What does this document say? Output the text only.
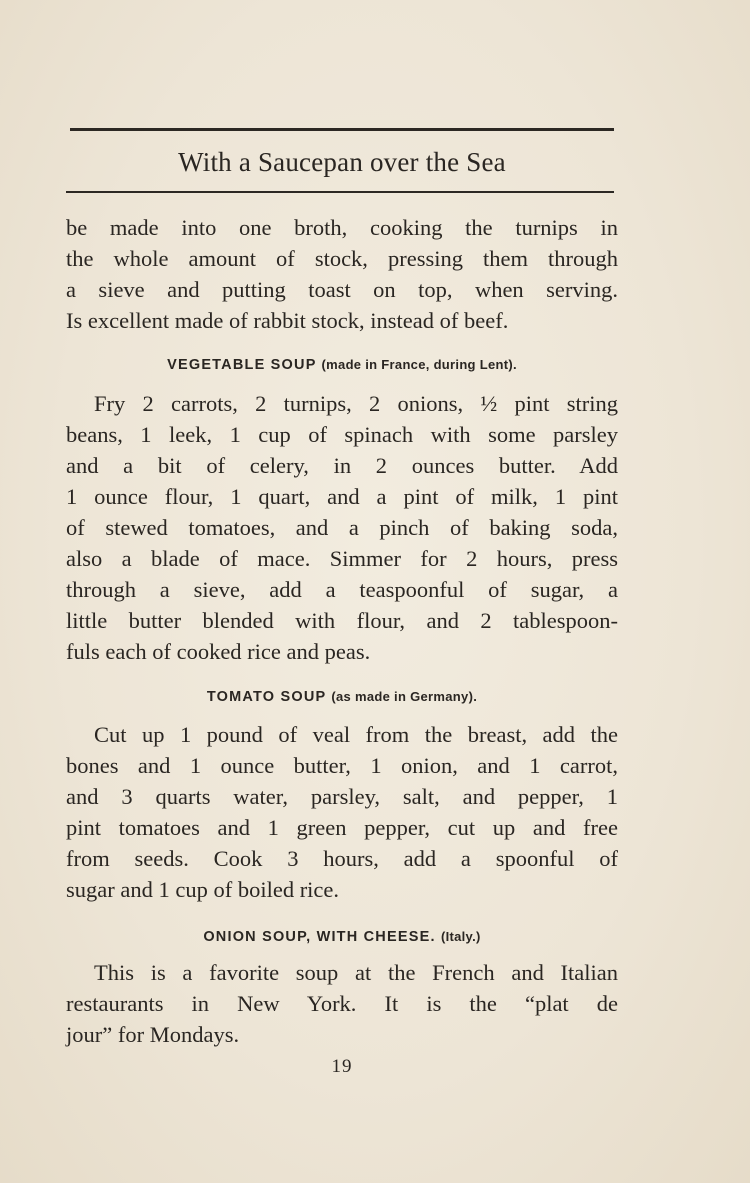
With a Saucepan over the Sea
be made into one broth, cooking the turnips in
the whole amount of stock, pressing them through
a sieve and putting toast on top, when serving.
Is excellent made of rabbit stock, instead of beef.
VEGETABLE SOUP (made in France, during Lent).
Fry 2 carrots, 2 turnips, 2 onions, ½ pint string
beans, 1 leek, 1 cup of spinach with some parsley
and a bit of celery, in 2 ounces butter. Add
1 ounce flour, 1 quart, and a pint of milk, 1 pint
of stewed tomatoes, and a pinch of baking soda,
also a blade of mace. Simmer for 2 hours, press
through a sieve, add a teaspoonful of sugar, a
little butter blended with flour, and 2 tablespoon-
fuls each of cooked rice and peas.
TOMATO SOUP (as made in Germany).
Cut up 1 pound of veal from the breast, add the
bones and 1 ounce butter, 1 onion, and 1 carrot,
and 3 quarts water, parsley, salt, and pepper, 1
pint tomatoes and 1 green pepper, cut up and free
from seeds. Cook 3 hours, add a spoonful of
sugar and 1 cup of boiled rice.
ONION SOUP, WITH CHEESE. (Italy.)
This is a favorite soup at the French and Italian
restaurants in New York. It is the “plat de
jour” for Mondays.
19
